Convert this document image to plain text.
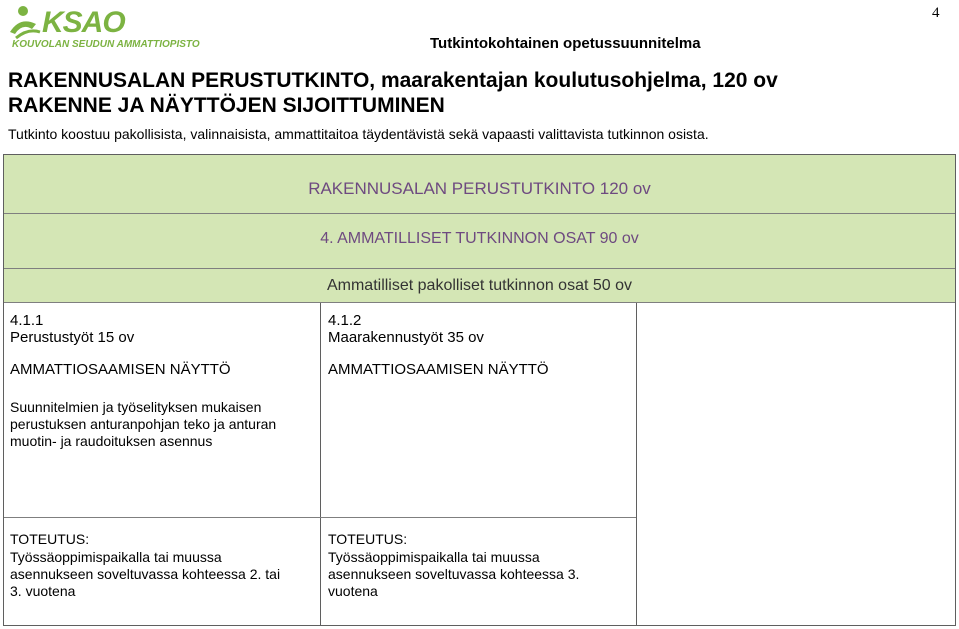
KSAO
KOUVOLAN SEUDUN AMMATTIOPISTO	Tutkintokohtainen opetussuunnitelma
4
RAKENNUSALAN PERUSTUTKINTO, maarakentajan koulutusohjelma, 120 ov
RAKENNE JA NÄYTTÖJEN SIJOITTUMINEN
Tutkinto koostuu pakollisista, valinnaisista, ammattitaitoa täydentävistä sekä vapaasti valittavista tutkinnon osista.
RAKENNUSALAN PERUSTUTKINTO 120 ov
4. AMMATILLISET TUTKINNON OSAT 90 ov
Ammatilliset pakolliset tutkinnon osat 50 ov
4.1.1
Perustustyöt 15 ov
AMMATTIOSAAMISEN NÄYTTÖ
Suunnitelmien ja työselityksen mukaisen
perustuksen anturanpohjan teko ja anturan
muotin- ja raudoituksen asennus
TOTEUTUS:
Työssäoppimispaikalla tai muussa
asennukseen soveltuvassa kohteessa 2. tai
3. vuotena
4.1.2
Maarakennustyöt 35 ov
AMMATTIOSAAMISEN NÄYTTÖ
TOTEUTUS:
Työssäoppimispaikalla tai muussa
asennukseen soveltuvassa kohteessa 3.
vuotena
